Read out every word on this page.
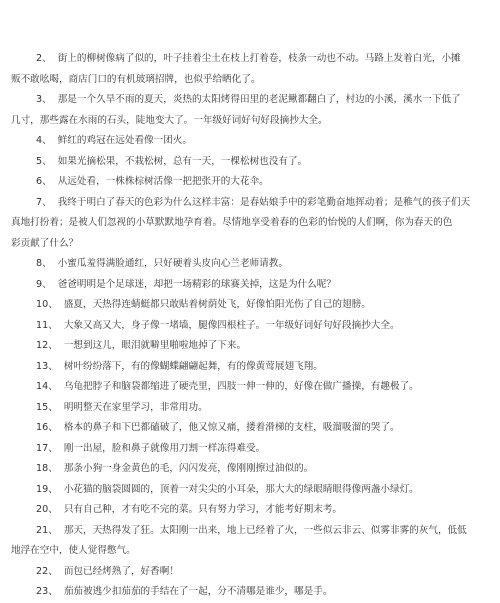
2、 街上的柳树像病了似的，叶子挂着尘土在枝上打着卷，枝条一动也不动。马路上发着白光，小摊
贩不敢吆喝，商店门口的有机玻璃招牌，也似乎给晒化了。
3、 那是一个久旱不雨的夏天，炎热的太阳烤得田里的老泥鳅都翻白了，村边的小溪，溪水一下低了
几寸，那些露在水雨的石头，陡地变大了。一年级好词好句好段摘抄大全。
4、 鲜红的鸡冠在远处看像一团火。
5、 如果光摘松果，不栽松树，总有一天，一棵松树也没有了。
6、 从远处看，一株株棕树活像一把把张开的大花伞。
7、 我终于明白了春天的色彩为什么这样丰富：是春姑娘手中的彩笔勤奋地挥动着；是稚气的孩子们天
真地打扮着；是被人们忽视的小草默默地孕育着。尽情地享受着春的色彩的怡悦的人们啊，你为春天的色
彩贡献了什么？
8、 小蜜瓜羞得满脸通红，只好硬着头皮向心兰老师请教。
9、 爸爸明明是个足球迷，却把一场精彩的球赛关掉，这是为什么呢？
10、 盛夏，天热得连蜻蜓都只敢贴着树荫处飞，好像怕阳光伤了自己的翅膀。
11、 大象又高又大，身子像一堵墙，腿像四根柱子。一年级好词好句好段摘抄大全。
12、 一想到这儿，眼泪就噼里啪啦地掉了下来。
13、 树叶纷纷落下，有的像蝴蝶翩翩起舞，有的像黄莺展翅飞翔。
14、 乌龟把脖子和脑袋都缩进了硬壳里，四肢一伸一伸的，好像在做广播操，有趣极了。
15、 明明整天在家里学习，非常用功。
16、 格本的鼻子和下巴都磕破了，他又惊又痛，搂着滑梯的支柱，吸溜吸溜的哭了。
17、 刚一出屋，脸和鼻子就像用刀割一样冻得难受。
18、 那条小狗一身金黄色的毛，闪闪发亮，像刚刚擦过油似的。
19、 小花猫的脑袋圆圆的，顶着一对尖尖的小耳朵，那大大的绿眼睛眼得像两盏小绿灯。
20、 只有自己种，才有吃不完的菜。只有努力学习，才能考好期末考。
21、 那天，天热得发了狂。太阳刚一出来，地上已经着了火，一些似云非云、似雾非雾的灰气，低低
地浮在空中，使人觉得憋气。
22、 而包已经烤熟了，好香啊！
23、 茄茄被逃少扣茄茄的手结在了一起，分不清哪是谁少，哪是手。
